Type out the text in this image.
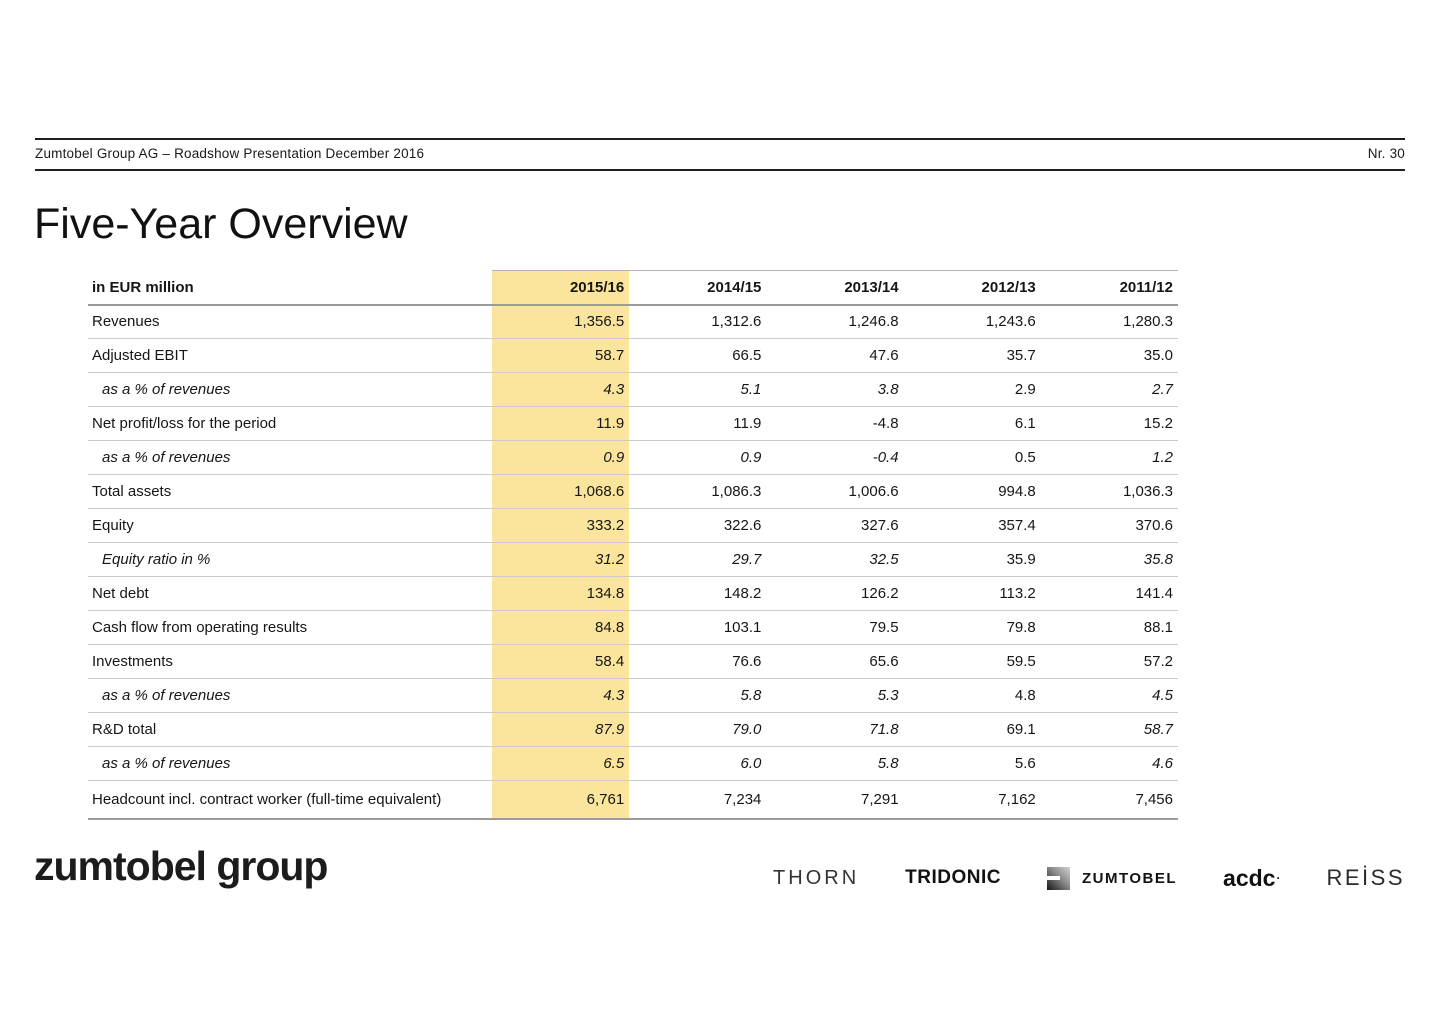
Zumtobel Group AG – Roadshow Presentation December 2016	Nr. 30
Five-Year Overview
in EUR million	2015/16	2014/15	2013/14	2012/13	2011/12
Revenues	1,356.5	1,312.6	1,246.8	1,243.6	1,280.3
Adjusted EBIT	58.7	66.5	47.6	35.7	35.0
as a % of revenues	4.3	5.1	3.8	2.9	2.7
Net profit/loss for the period	11.9	11.9	-4.8	6.1	15.2
as a % of revenues	0.9	0.9	-0.4	0.5	1.2
Total assets	1,068.6	1,086.3	1,006.6	994.8	1,036.3
Equity	333.2	322.6	327.6	357.4	370.6
Equity ratio in %	31.2	29.7	32.5	35.9	35.8
Net debt	134.8	148.2	126.2	113.2	141.4
Cash flow from operating results	84.8	103.1	79.5	79.8	88.1
Investments	58.4	76.6	65.6	59.5	57.2
as a % of revenues	4.3	5.8	5.3	4.8	4.5
R&D total	87.9	79.0	71.8	69.1	58.7
as a % of revenues	6.5	6.0	5.8	5.6	4.6
Headcount incl. contract worker (full-time equivalent)	6,761	7,234	7,291	7,162	7,456
zumtobel group	THORN TRIDONIC	ZUMTOBEL acdc · REİSS
